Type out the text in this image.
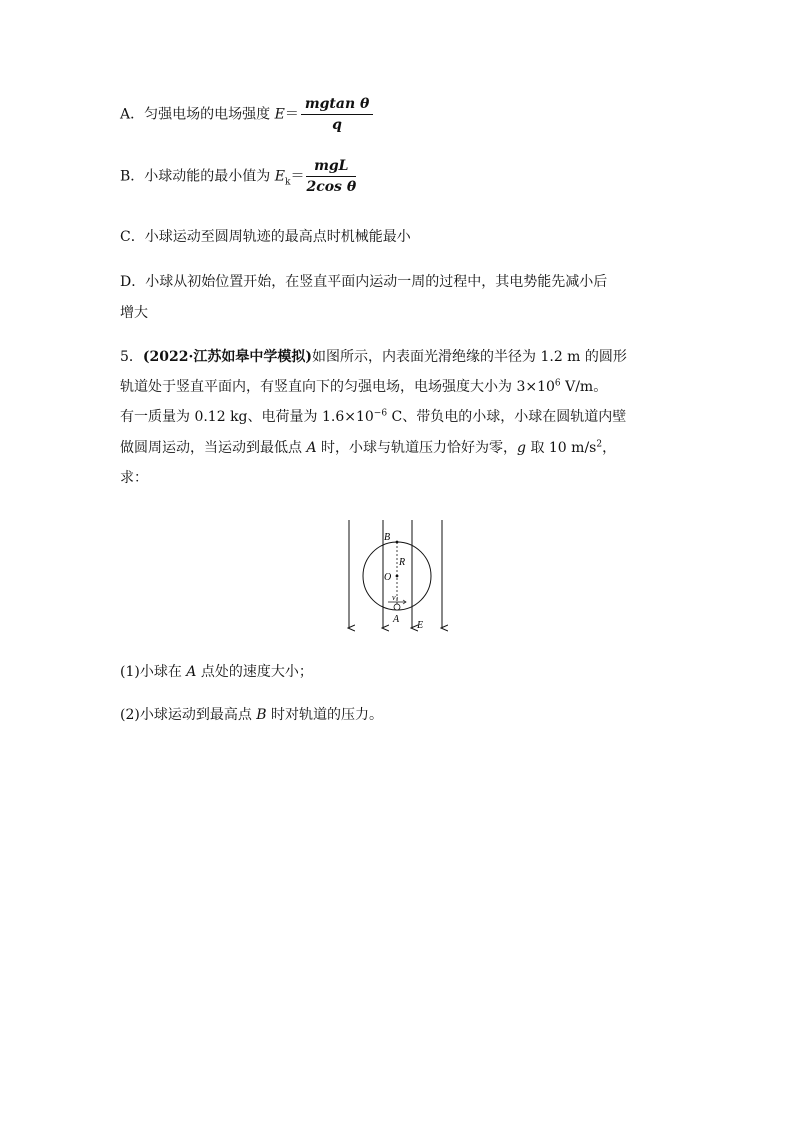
A．匀强电场的电场强度 $E= \frac{\text{mgtan θ}}{q}$
B．小球动能的最小值为 $E_k= \frac{\text{mgL}}{\text{2cos θ}}$
C．小球运动至圆周轨迹的最高点时机械能最小
D．小球从初始位置开始，在竖直平面内运动一周的过程中，其电势能先减小后
增大
5．(2022·江苏如皋中学模拟)如图所示，内表面光滑绝缘的半径为 1.2 m 的圆形
轨道处于竖直平面内，有竖直向下的匀强电场，电场强度大小为 $3\times 10^6$ V/m。
有一质量为 0.12 kg、电荷量为 $1.6\times 10^{-6}$ C、带负电的小球，小球在圆轨道内壁
做圆周运动，当运动到最低点 A 时，小球与轨道压力恰好为零，g 取 10 $m/s^2$，
求：
B
O
R
v1
A
E
(1)小球在 A 点处的速度大小；
(2)小球运动到最高点 B 时对轨道的压力。
